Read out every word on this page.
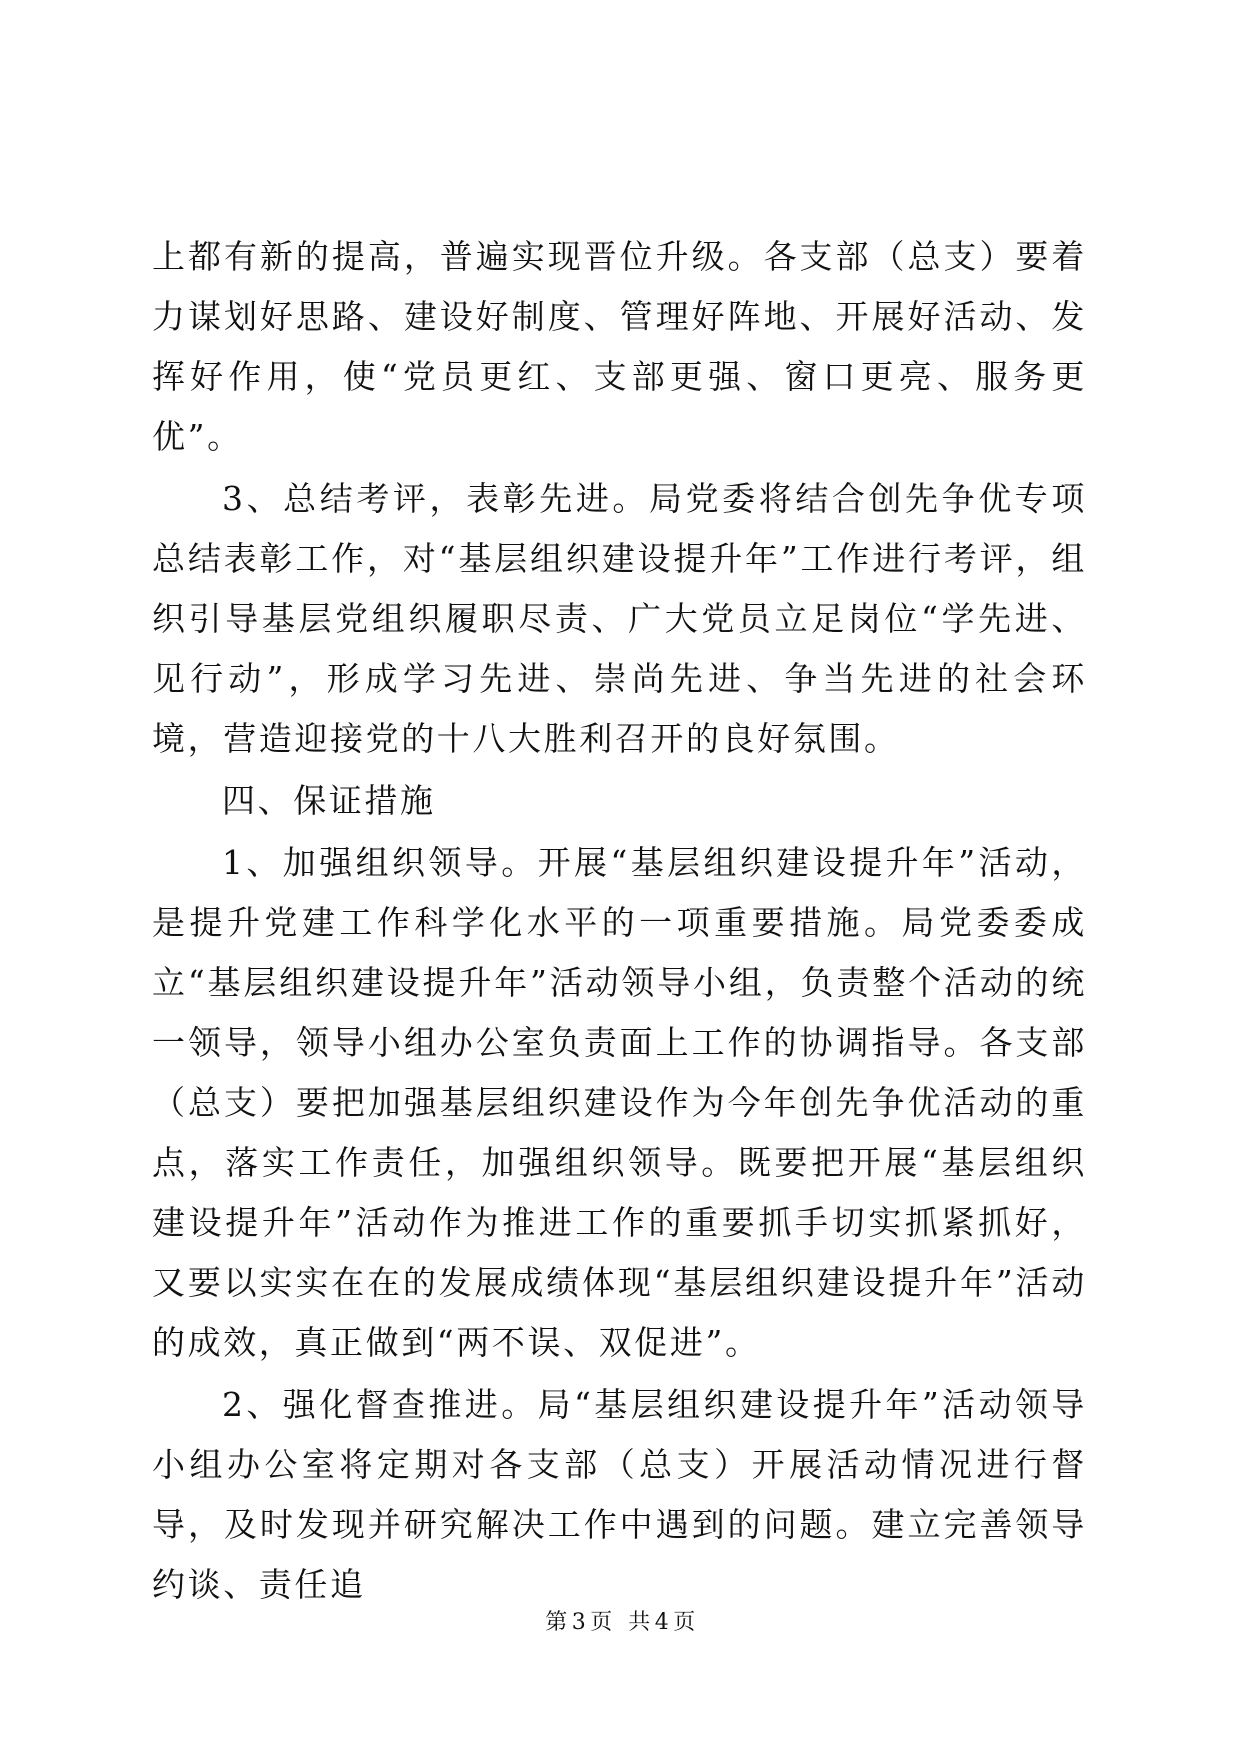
上都有新的提高，普遍实现晋位升级。各支部（总支）要着力谋划好思路、建设好制度、管理好阵地、开展好活动、发挥好作用，使“党员更红、支部更强、窗口更亮、服务更优”。

3、总结考评，表彰先进。局党委将结合创先争优专项总结表彰工作，对“基层组织建设提升年”工作进行考评，组织引导基层党组织履职尽责、广大党员立足岗位“学先进、见行动”，形成学习先进、崇尚先进、争当先进的社会环境，营造迎接党的十八大胜利召开的良好氛围。

四、保证措施

1、加强组织领导。开展“基层组织建设提升年”活动，是提升党建工作科学化水平的一项重要措施。局党委委成立“基层组织建设提升年”活动领导小组，负责整个活动的统一领导，领导小组办公室负责面上工作的协调指导。各支部（总支）要把加强基层组织建设作为今年创先争优活动的重点，落实工作责任，加强组织领导。既要把开展“基层组织建设提升年”活动作为推进工作的重要抓手切实抓紧抓好，又要以实实在在的发展成绩体现“基层组织建设提升年”活动的成效，真正做到“两不误、双促进”。

2、强化督查推进。局“基层组织建设提升年”活动领导小组办公室将定期对各支部（总支）开展活动情况进行督导，及时发现并研究解决工作中遇到的问题。建立完善领导约谈、责任追

第 3 页 共 4 页
